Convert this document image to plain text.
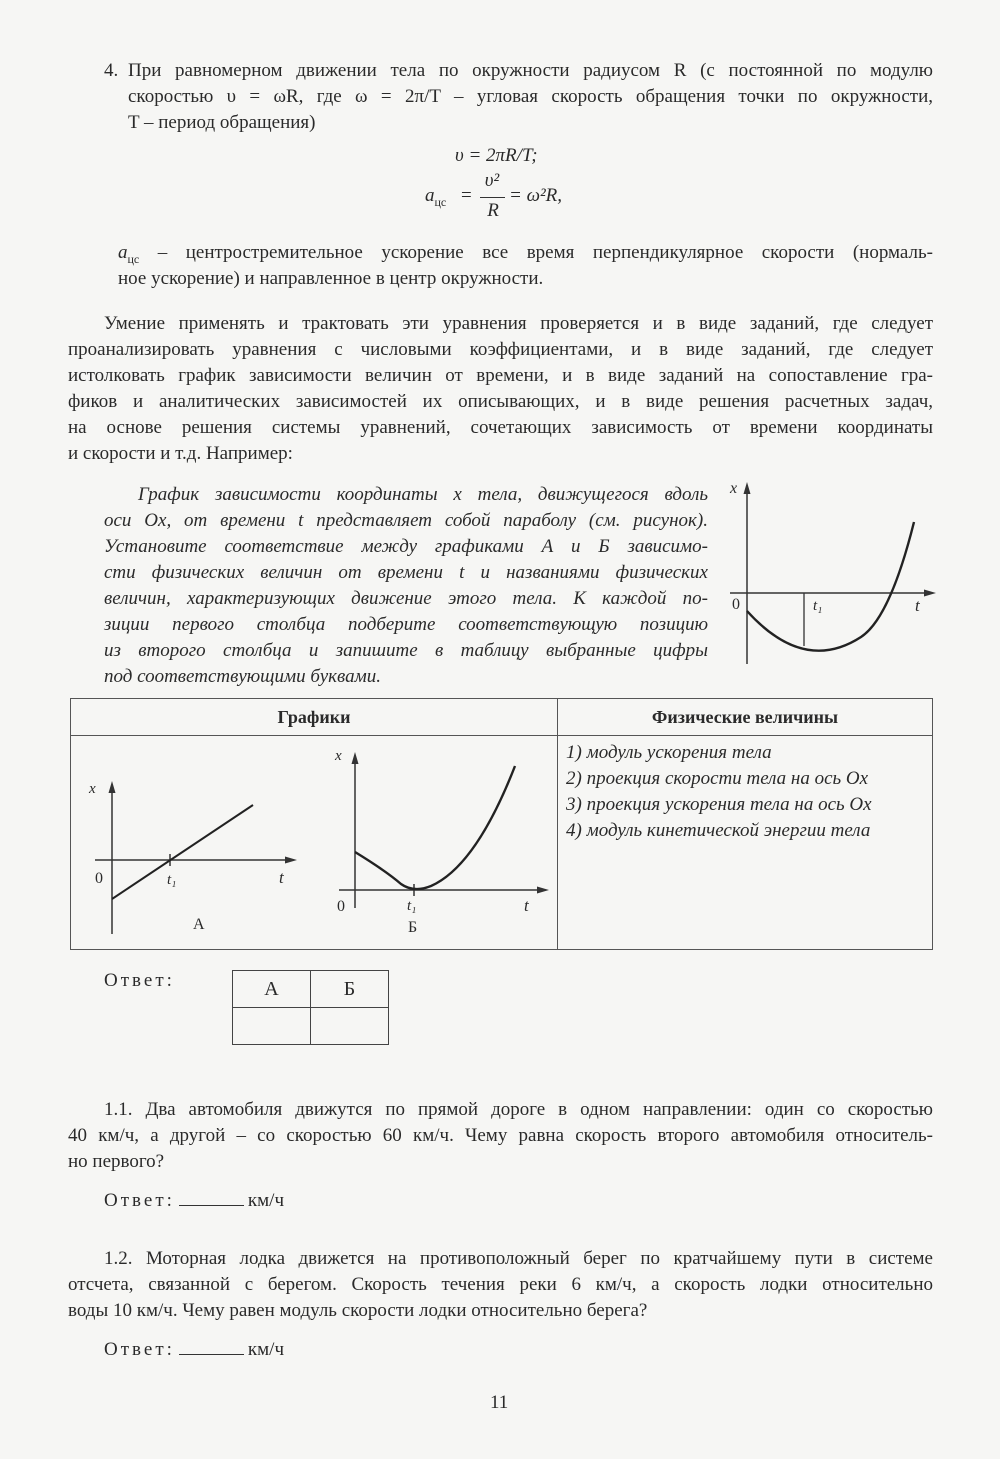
4. При равномерном движении тела по окружности радиусом R (с постоянной по модулю
скоростью υ = ωR, где ω = 2π/T – угловая скорость обращения точки по окружности,
T – период обращения)
υ = 2πR/T;
$a_{цс}$ =
υ²
R
= ω²R,
$a_{цс}$ – центростремительное ускорение все время перпендикулярное скорости (нормаль-
ное ускорение) и направленное в центр окружности.
Умение применять и трактовать эти уравнения проверяется и в виде заданий, где следует
проанализировать уравнения с числовыми коэффициентами, и в виде заданий, где следует
истолковать график зависимости величин от времени, и в виде заданий на сопоставление гра-
фиков и аналитических зависимостей их описывающих, и в виде решения расчетных задач,
на основе решения системы уравнений, сочетающих зависимость от времени координаты
и скорости и т.д. Например:
График зависимости координаты x тела, движущегося вдоль
оси Ox, от времени t представляет собой параболу (см. рисунок).
Установите соответствие между графиками А и Б зависимо-
сти физических величин от времени t и названиями физических
величин, характеризующих движение этого тела. К каждой по-
зиции первого столбца подберите соответствующую позицию
из второго столбца и запишите в таблицу выбранные цифры
под соответствующими буквами.
x
0	t₁	t
Графики	Физические величины

x
0	t₁	t
А
x
0	t₁	t
Б

1) модуль ускорения тела
2) проекция скорости тела на ось Ox
3) проекция ускорения тела на ось Ox
4) модуль кинетической энергии тела
Ответ:	А	Б

1.1. Два автомобиля движутся по прямой дороге в одном направлении: один со скоростью
40 км/ч, а другой – со скоростью 60 км/ч. Чему равна скорость второго автомобиля относитель-
но первого?
Ответ:	км/ч
1.2. Моторная лодка движется на противоположный берег по кратчайшему пути в системе
отсчета, связанной с берегом. Скорость течения реки 6 км/ч, а скорость лодки относительно
воды 10 км/ч. Чему равен модуль скорости лодки относительно берега?
Ответ:	км/ч
11
